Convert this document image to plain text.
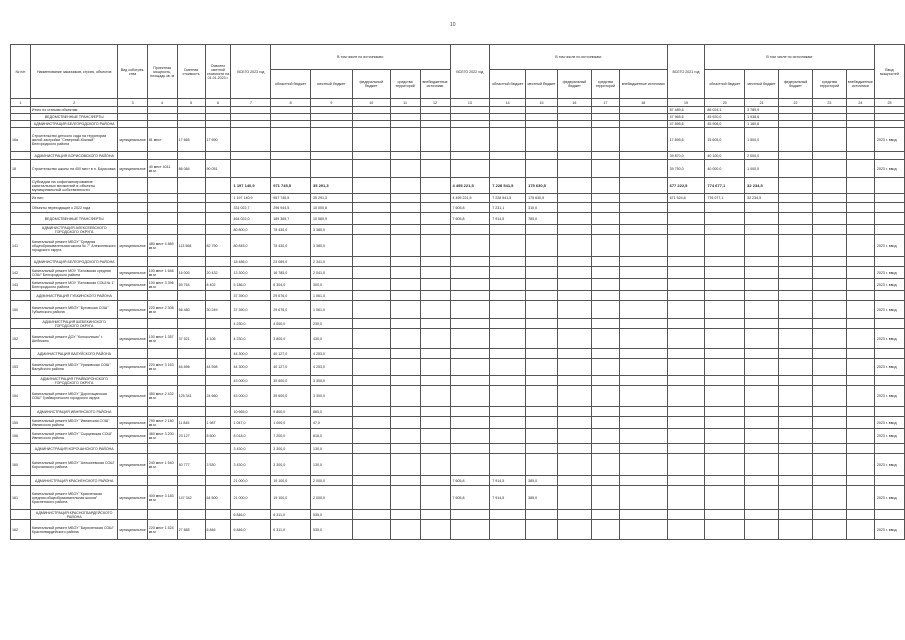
10
№ п/п	Наименование заказчиков, строек, объектов	Вид соботрек-ства	Проектная мощность, площадь кв. м	Сметная стоимость	Освоено сметной стоимости на 01.01.2023 г.	ВСЕГО 2023 год	В том числе по источникам:					ВСЕГО 2022 год	В том числе по источникам:					ВСЕГО 2021 год	В том числе по источникам:					Ввод мощностей
							областной бюджет	местный бюджет	федеральный бюджет	средства территорий	внебюджетные источники		областной бюджет	местный бюджет	федеральный бюджет	средства территорий	внебюджетные источники		областной бюджет	местный бюджет	федеральный бюджет	средства территорий	внебюджетные источники	
1	2	3	4	5	6	7	8	9	10	11	12	13	14	15	16	17	18	19	20	21	22	23	24	25
	Итого по статьям объектам																	87 489,6	86 024,1	3 789,9				
	ВЕДОМСТВЕННЫЕ ТРАНСФЕРТЫ																	47 965,6	45 920,0	1 938,6				
	АДМИНИСТРАЦИЯ БЕЛГОРОДСКОГО РАЙОНА																	47 895,6	45 906,0	1 160,6				
16а	Строительство детского сада на территории жилой застройки "Северный-Южный" Белгородского района	муниципальное	81 мест	17 665	17 690													17 895,6	15 605,0	1 500,0				2023 г. ввод
	АДМИНИСТРАЦИЯ БОРИСОВСКОГО РАЙОНА																	39 870,0	40 100,0	2 000,0				
18	Строительство школы на 400 мест в п. Борисовка	муниципальное	40 мест 4011 кв.м	86 084	90 051													39 750,0	40 000,0	1 000,0				2023 г. ввод
	Субсидии на софинансирование капитальных вложений в объекты муниципальной собственности					1 197 140,9	971 745,5	35 291,3				4 495 221,5	7 228 541,5	175 630,5				677 222,5	774 677,1	32 234,5				
	Из них:					1 197 140,9	957 745,5	35 291,3				4 495 221,5	7 228 541,5	175 630,5				671 524,8	776 077,1	32 234,5				
	Объекты переходящие с 2022 года					331 022,7	296 944,5	10 050,8				7 605,8	7 231,1	310,0										
	ВЕДОМСТВЕННЫЕ ТРАНСФЕРТЫ					464 022,0	189 365,7	10 580,9				7 605,8	7 914,5	785,0										
	АДМИНИСТРАЦИЯ АЛЕКСЕЕВСКОГО ГОРОДСКОГО ОКРУГА					80 800,0	75 430,0	3 380,0																
141	Капитальный ремонт МБОУ "Средняя общеобразовательная школа № 7" Алексеевского городского округа	муниципальное	480 мест 4 889 кв.м	113 568	82 790	80 845,0	75 430,0	3 380,0																2023 г. ввод
	АДМИНИСТРАЦИЯ БЕЛГОРОДСКОГО РАЙОНА					18 486,0	23 089,0	2 341,0																
142	Капитальный ремонт МОУ "Беловская средняя СОШ" Белгородского района	муниципальное	100 мест 1 646 кв.м	16 000	20 432	13 300,0	16 785,0	2 041,0																2023 г. ввод
143	Капитальный ремонт МОУ "Беловская СОШ № 1" Белгородского района	муниципальное	100 мест 3 396 кв.м	59 764	8 402	5 186,0	6 304,0	300,0																2023 г. ввод
	АДМИНИСТРАЦИЯ ГУБКИНСКОГО РАЙОНА					37 390,0	29 676,0	1 061,0																
150	Капитальный ремонт МБОУ "Бутовская СОШ" Губкинского района	муниципальное	220 мест 2 308 кв.м	56 480	30 249	37 390,0	29 676,0	1 061,0																2023 г. ввод
	АДМИНИСТРАЦИЯ ШЕБЕКИНСКОГО ГОРОДСКОГО ОКРУГА					4 230,0	4 000,0	230,0																
152	Капитальный ремонт ДОУ "Колокольчик" г. Шебекино	муниципальное	100 мест 1 357 кв.м	37 521	4 106	4 230,0	3 800,0	430,0																2023 г. ввод
	АДМИНИСТРАЦИЯ ВАЛУЙСКОГО РАЙОНА					44 300,0	40 127,0	4 253,0																
153	Капитальный ремонт МБОУ "Уразовская СОШ" Валуйского района	муниципальное	220 мест 3 163 кв.м	64 896	44 598	44 300,0	40 127,0	4 253,0																2023 г. ввод
	АДМИНИСТРАЦИЯ ГРАЙВОРОНСКОГО ГОРОДСКОГО ОКРУГА					43 000,0	39 600,0	3 300,0																
154	Капитальный ремонт МБОУ "Дорогощанская СОШ" Грайворонского городского округа	муниципальное	450 мест 2 432 кв.м	125 341	24 660	43 000,0	39 600,0	3 300,0																2023 г. ввод
	АДМИНИСТРАЦИЯ ИВНЯНСКОГО РАЙОНА					10 665,0	9 800,0	865,0																
155	Капитальный ремонт МБОУ "Ивнянская СОШ" Ивнянского района	муниципальное	790 мест 2 180 кв.м	11 845	1 987	1 047,0	1 000,0	47,0																2023 г. ввод
156	Капитальный ремонт МБОУ "Сырцевская СОШ" Ивнянского района	муниципальное	460 мест 3 200 кв.м	23 127	8 600	8 018,0	7 200,0	818,0																2023 г. ввод
	АДМИНИСТРАЦИЯ КОРОЧАНСКОГО РАЙОНА					3 430,0	3 300,0	130,0																
160	Капитальный ремонт МБОУ "Алексеевская СОШ" Корочанского района	муниципальное	240 мест 1 540 кв.м	40 777	3 530	3 430,0	3 300,0	130,0																2023 г. ввод
	АДМИНИСТРАЦИЯ КРАСНЕНСКОГО РАЙОНА					21 000,0	19 100,0	2 000,0				7 605,8	7 914,5	385,0										
161	Капитальный ремонт МБОУ "Красненская средняя общеобразовательная школа" Красненского района	муниципальное	400 мест 3 183 кв.м	147 342	64 500	21 000,0	19 100,0	2 000,0				7 605,8	7 914,5	385,0										2023 г. ввод
	АДМИНИСТРАЦИЯ КРАСНОГВАРДЕЙСКОГО РАЙОНА					6 846,0	6 311,0	535,0																
162	Капитальный ремонт МБОУ "Бирюченская СОШ" Красногвардейского района	муниципальное	220 мест 1 524 кв.м	27 885	6 846	6 846,0	6 311,0	535,0																2023 г. ввод
